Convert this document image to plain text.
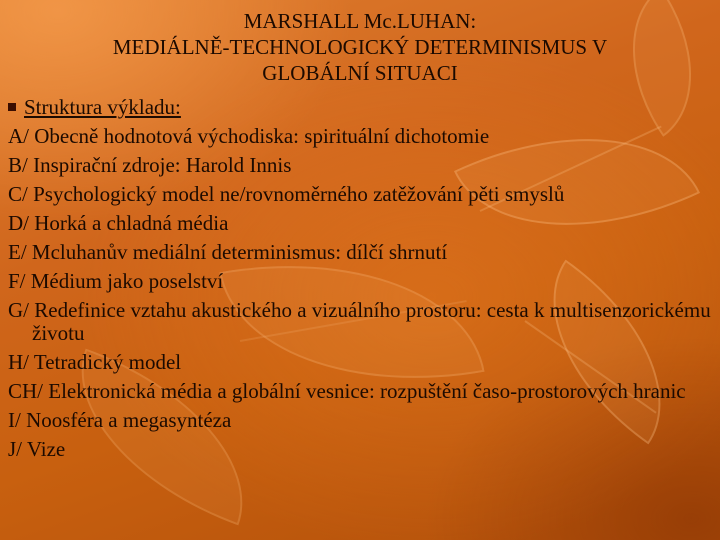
MARSHALL Mc.LUHAN:
MEDIÁLNĚ-TECHNOLOGICKÝ DETERMINISMUS V
GLOBÁLNÍ SITUACI

Struktura výkladu:

A/ Obecně hodnotová východiska: spirituální dichotomie

B/ Inspirační zdroje: Harold Innis

C/ Psychologický model ne/rovnoměrného zatěžování pěti smyslů

D/ Horká a chladná média

E/ Mcluhanův mediální determinismus: dílčí shrnutí

F/ Médium jako poselství

G/ Redefinice vztahu akustického a vizuálního prostoru: cesta k multisenzorickému životu

H/ Tetradický model

CH/ Elektronická média a globální vesnice: rozpuštění časo-prostorových hranic

I/ Noosféra a megasyntéza

J/ Vize
